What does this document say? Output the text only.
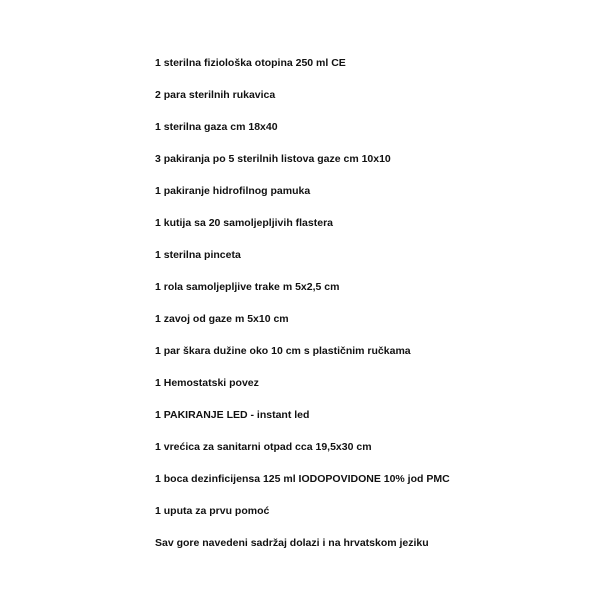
1 sterilna fiziološka otopina 250 ml CE
2 para sterilnih rukavica
1 sterilna gaza cm 18x40
3 pakiranja po 5 sterilnih listova gaze cm 10x10
1 pakiranje hidrofilnog pamuka
1 kutija sa 20 samoljepljivih flastera
1 sterilna pinceta
1 rola samoljepljive trake m 5x2,5 cm
1 zavoj od gaze m 5x10 cm
1 par škara dužine oko 10 cm s plastičnim ručkama
1 Hemostatski povez
1 PAKIRANJE LED - instant led
1 vrećica za sanitarni otpad cca 19,5x30 cm
1 boca dezinficijensa 125 ml IODOPOVIDONE 10% jod PMC
1 uputa za prvu pomoć
Sav gore navedeni sadržaj dolazi i na hrvatskom jeziku
